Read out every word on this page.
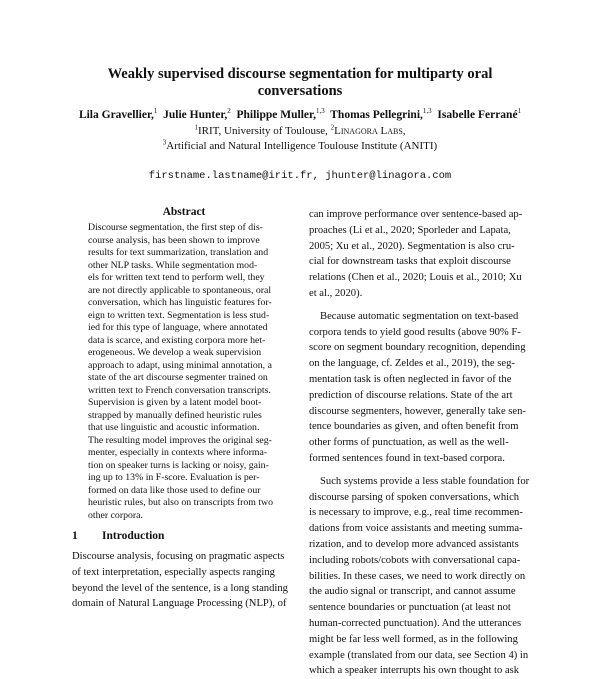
Weakly supervised discourse segmentation for multiparty oral
conversations
Lila Gravellier,$^1$ Julie Hunter,$^2$ Philippe Muller,$^{1,3}$ Thomas Pellegrini,$^{1,3}$ Isabelle Ferrané$^1$
$^1$IRIT, University of Toulouse, $^2$Linagora Labs,
$^3$Artificial and Natural Intelligence Toulouse Institute (ANITI)
firstname.lastname@irit.fr, jhunter@linagora.com
Abstract
Discourse segmentation, the first step of dis-
course analysis, has been shown to improve
results for text summarization, translation and
other NLP tasks. While segmentation mod-
els for written text tend to perform well, they
are not directly applicable to spontaneous, oral
conversation, which has linguistic features for-
eign to written text. Segmentation is less stud-
ied for this type of language, where annotated
data is scarce, and existing corpora more het-
erogeneous. We develop a weak supervision
approach to adapt, using minimal annotation, a
state of the art discourse segmenter trained on
written text to French conversation transcripts.
Supervision is given by a latent model boot-
strapped by manually defined heuristic rules
that use linguistic and acoustic information.
The resulting model improves the original seg-
menter, especially in contexts where informa-
tion on speaker turns is lacking or noisy, gain-
ing up to 13% in F-score. Evaluation is per-
formed on data like those used to define our
heuristic rules, but also on transcripts from two
other corpora.
1 Introduction
Discourse analysis, focusing on pragmatic aspects
of text interpretation, especially aspects ranging
beyond the level of the sentence, is a long standing
domain of Natural Language Processing (NLP), of
can improve performance over sentence-based ap-
proaches (Li et al., 2020; Sporleder and Lapata,
2005; Xu et al., 2020). Segmentation is also cru-
cial for downstream tasks that exploit discourse
relations (Chen et al., 2020; Louis et al., 2010; Xu
et al., 2020).
Because automatic segmentation on text-based
corpora tends to yield good results (above 90% F-
score on segment boundary recognition, depending
on the language, cf. Zeldes et al., 2019), the seg-
mentation task is often neglected in favor of the
prediction of discourse relations. State of the art
discourse segmenters, however, generally take sen-
tence boundaries as given, and often benefit from
other forms of punctuation, as well as the well-
formed sentences found in text-based corpora.
Such systems provide a less stable foundation for
discourse parsing of spoken conversations, which
is necessary to improve, e.g., real time recommen-
dations from voice assistants and meeting summa-
rization, and to develop more advanced assistants
including robots/cobots with conversational capa-
bilities. In these cases, we need to work directly on
the audio signal or transcript, and cannot assume
sentence boundaries or punctuation (at least not
human-corrected punctuation). And the utterances
might be far less well formed, as in the following
example (translated from our data, see Section 4) in
which a speaker interrupts his own thought to ask
